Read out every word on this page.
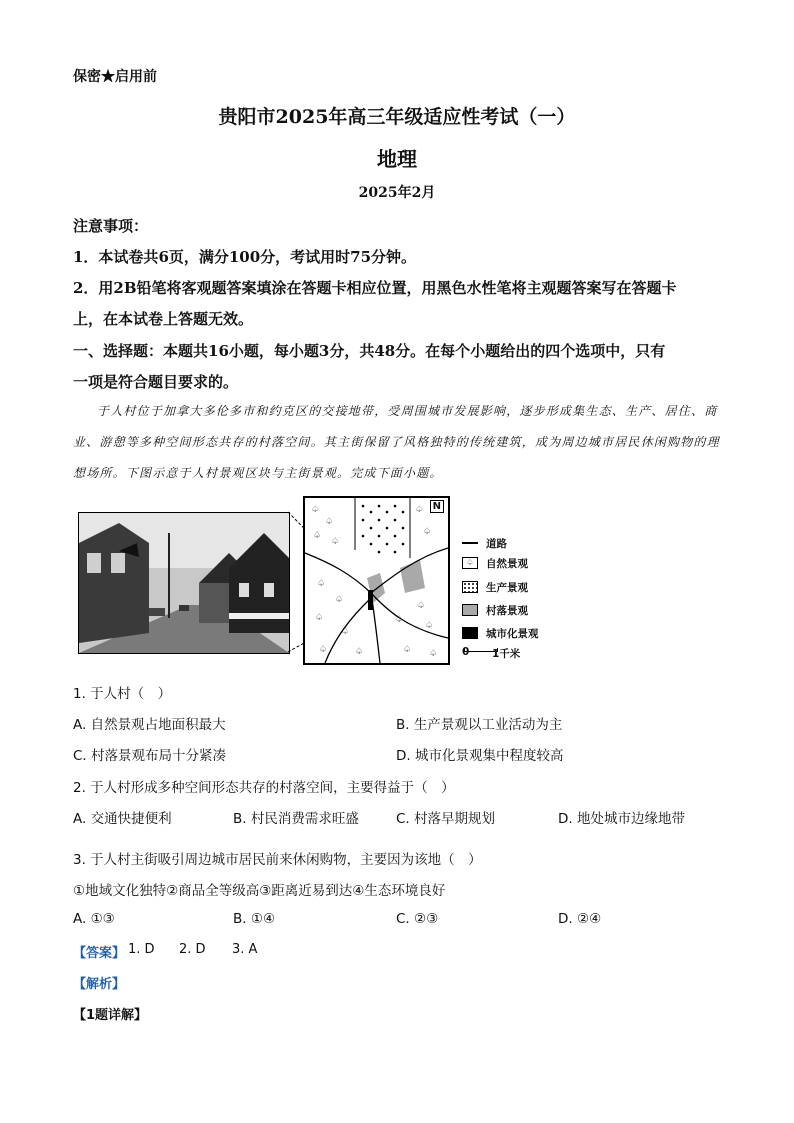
保密★启用前
贵阳市2025年高三年级适应性考试（一）
地理
2025年2月
注意事项：
1．本试卷共6页，满分100分，考试用时75分钟。
2．用2B铅笔将客观题答案填涂在答题卡相应位置，用黑色水性笔将主观题答案写在答题卡
上，在本试卷上答题无效。
一、选择题：本题共16小题，每小题3分，共48分。在每个小题给出的四个选项中，只有
一项是符合题目要求的。
于人村位于加拿大多伦多市和约克区的交接地带，受周围城市发展影响，逐步形成集生态、生产、居住、商业、游憩等多种空间形态共存的村落空间。其主街保留了风格独特的传统建筑，成为周边城市居民休闲购物的理想场所。下图示意于人村景观区块与主街景观。完成下面小题。
♤
♤
♤
♤
♤
♤
♤
♤
♤
♤
♤	♤
♤
♤
♤
♤ ♤
N
道路
♤	自然景观
生产景观
村落景观
城市化景观
0 1千米
1. 于人村（　）
A. 自然景观占地面积最大	B. 生产景观以工业活动为主
C. 村落景观布局十分紧凑	D. 城市化景观集中程度较高
2. 于人村形成多种空间形态共存的村落空间，主要得益于（　）
A. 交通快捷便利	B. 村民消费需求旺盛	C. 村落早期规划	D. 地处城市边缘地带
3. 于人村主街吸引周边城市居民前来休闲购物，主要因为该地（　）
①地域文化独特②商品全等级高③距离近易到达④生态环境良好
A. ①③	B. ①④	C. ②③	D. ②④
【答案】 1. D 2. D 3. A
【解析】
【1题详解】
